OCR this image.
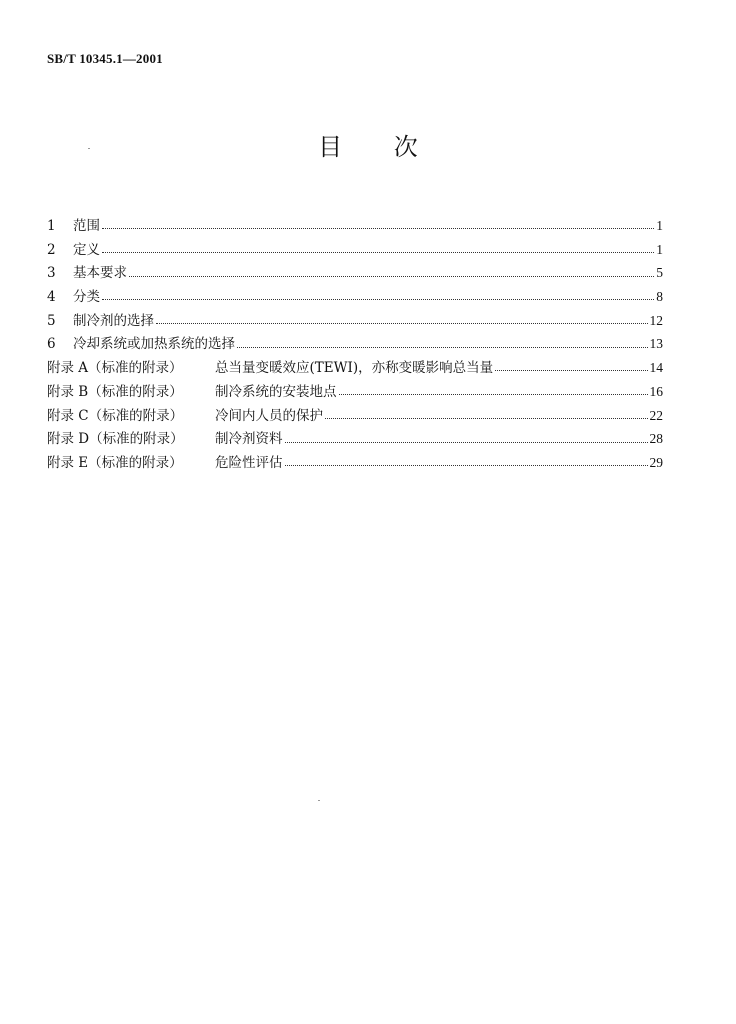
SB/T 10345.1—2001
目 次
1	范围	1
2	定义	1
3	基本要求	5
4	分类	8
5	制冷剂的选择	12
6	冷却系统或加热系统的选择	13
附录 A（标准的附录）	总当量变暖效应(TEWI)，亦称变暖影响总当量	14
附录 B（标准的附录）	制冷系统的安装地点	16
附录 C（标准的附录）	冷间内人员的保护	22
附录 D（标准的附录）	制冷剂资料	28
附录 E（标准的附录）	危险性评估	29
